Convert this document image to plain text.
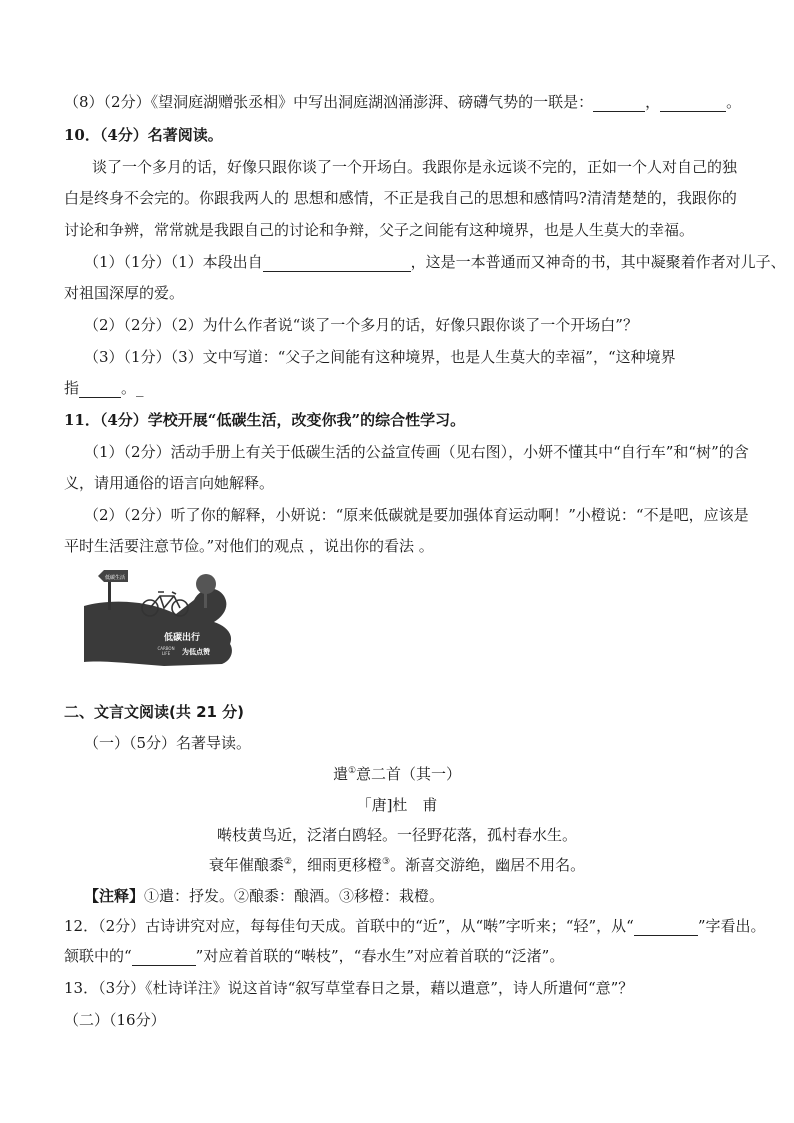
（8）（2分）《望洞庭湖赠张丞相》中写出洞庭湖汹涌澎湃、磅礴气势的一联是：	，	。
10．（4分）名著阅读。
谈了一个多月的话，好像只跟你谈了一个开场白。我跟你是永远谈不完的，正如一个人对自己的独
白是终身不会完的。你跟我两人的 思想和感情，不正是我自己的思想和感情吗?清清楚楚的，我跟你的
讨论和争辨，常常就是我跟自己的讨论和争辩，父子之间能有这种境界，也是人生莫大的幸福。
（1）（1分）（1）本段出自	，这是一本普通而又神奇的书，其中凝聚着作者对儿子、
对祖国深厚的爱。
（2）（2分）（2）为什么作者说“谈了一个多月的话，好像只跟你谈了一个开场白”？
（3）（1分）（3）文中写道：“父子之间能有这种境界，也是人生莫大的幸福”，“这种境界
指	。_
11．（4分）学校开展“低碳生活，改变你我”的综合性学习。
（1）（2分）活动手册上有关于低碳生活的公益宣传画（见右图），小妍不懂其中“自行车”和“树”的含
义，请用通俗的语言向她解释。
（2）（2分）听了你的解释，小妍说：“原来低碳就是要加强体育运动啊！”小橙说：“不是吧，应该是
平时生活要注意节俭。”对他们的观点 ，说出你的看法 。
低碳生活
低碳出行
CARBON
LIFE 为低点赞
二、文言文阅读(共 21 分)
（一）（5分）名著导读。
遣①意二首（其一）
「唐]杜　甫
啭枝黄鸟近，泛渚白鸥轻。一径野花落，孤村春水生。
衰年催酿黍②，细雨更移橙③。渐喜交游绝，幽居不用名。
【注释】①遣：抒发。②酿黍：酿酒。③移橙：栽橙。
12．（2分）古诗讲究对应，每每佳句天成。首联中的“近”，从“啭”字听来；“轻”，从“	”字看出。
颔联中的“	”对应着首联的“啭枝”，“春水生”对应着首联的“泛渚”。
13．（3分）《杜诗详注》说这首诗“叙写草堂春日之景，藉以遣意”，诗人所遣何“意”？
（二）（16分）
